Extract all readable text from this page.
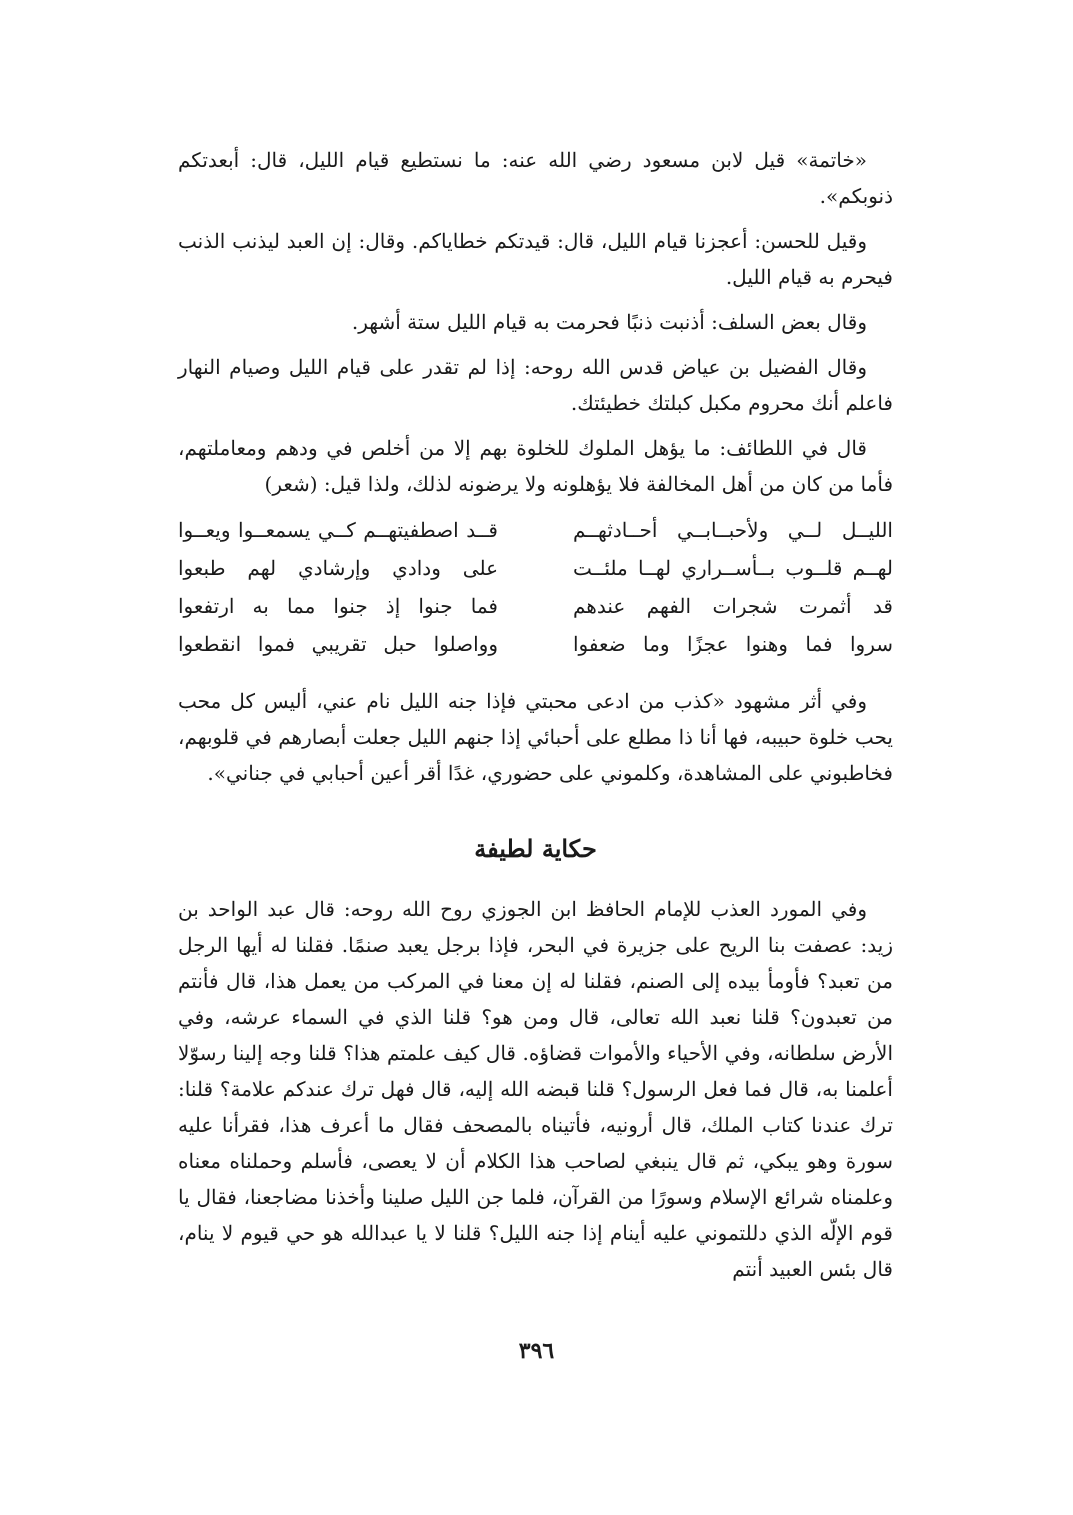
«خاتمة» قيل لابن مسعود رضي الله عنه: ما نستطيع قيام الليل، قال: أبعدتكم ذنوبكم».

وقيل للحسن: أعجزنا قيام الليل، قال: قيدتكم خطاياكم. وقال: إن العبد ليذنب الذنب فيحرم به قيام الليل.

وقال بعض السلف: أذنبت ذنبًا فحرمت به قيام الليل ستة أشهر.

وقال الفضيل بن عياض قدس الله روحه: إذا لم تقدر على قيام الليل وصيام النهار فاعلم أنك محروم مكبل كبلتك خطيئتك.

قال في اللطائف: ما يؤهل الملوك للخلوة بهم إلا من أخلص في ودهم ومعاملتهم، فأما من كان من أهل المخالفة فلا يؤهلونه ولا يرضونه لذلك، ولذا قيل: (شعر)

الليــل لــي ولأحبــابــي أحــادثهــم
قــد اصطفيتهــم كــي يسمعــوا ويعــوا
لهــم قلــوب بــأســراري لهــا ملئــت
على ودادي وإرشادي لهم طبعوا
قد أثمرت شجرات الفهم عندهم
فما جنوا إذ جنوا مما به ارتفعوا
سروا فما وهنوا عجزًا وما ضعفوا
وواصلوا حبل تقريبي فموا انقطعوا

وفي أثر مشهود «كذب من ادعى محبتي فإذا جنه الليل نام عني، أليس كل محب يحب خلوة حبيبه، فها أنا ذا مطلع على أحبائي إذا جنهم الليل جعلت أبصارهم في قلوبهم، فخاطبوني على المشاهدة، وكلموني على حضوري، غدًا أقر أعين أحبابي في جناني».

حكاية لطيفة

وفي المورد العذب للإمام الحافظ ابن الجوزي روح الله روحه: قال عبد الواحد بن زيد: عصفت بنا الريح على جزيرة في البحر، فإذا برجل يعبد صنمًا. فقلنا له أيها الرجل من تعبد؟ فأومأ بيده إلى الصنم، فقلنا له إن معنا في المركب من يعمل هذا، قال فأنتم من تعبدون؟ قلنا نعبد الله تعالى، قال ومن هو؟ قلنا الذي في السماء عرشه، وفي الأرض سلطانه، وفي الأحياء والأموات قضاؤه. قال كيف علمتم هذا؟ قلنا وجه إلينا رسوّلا أعلمنا به، قال فما فعل الرسول؟ قلنا قبضه الله إليه، قال فهل ترك عندكم علامة؟ قلنا: ترك عندنا كتاب الملك، قال أرونيه، فأتيناه بالمصحف فقال ما أعرف هذا، فقرأنا عليه سورة وهو يبكي، ثم قال ينبغي لصاحب هذا الكلام أن لا يعصى، فأسلم وحملناه معناه وعلمناه شرائع الإسلام وسورًا من القرآن، فلما جن الليل صلينا وأخذنا مضاجعنا، فقال يا قوم الإلّه الذي دللتموني عليه أينام إذا جنه الليل؟ قلنا لا يا عبدالله هو حي قيوم لا ينام، قال بئس العبيد أنتم

٣٩٦
